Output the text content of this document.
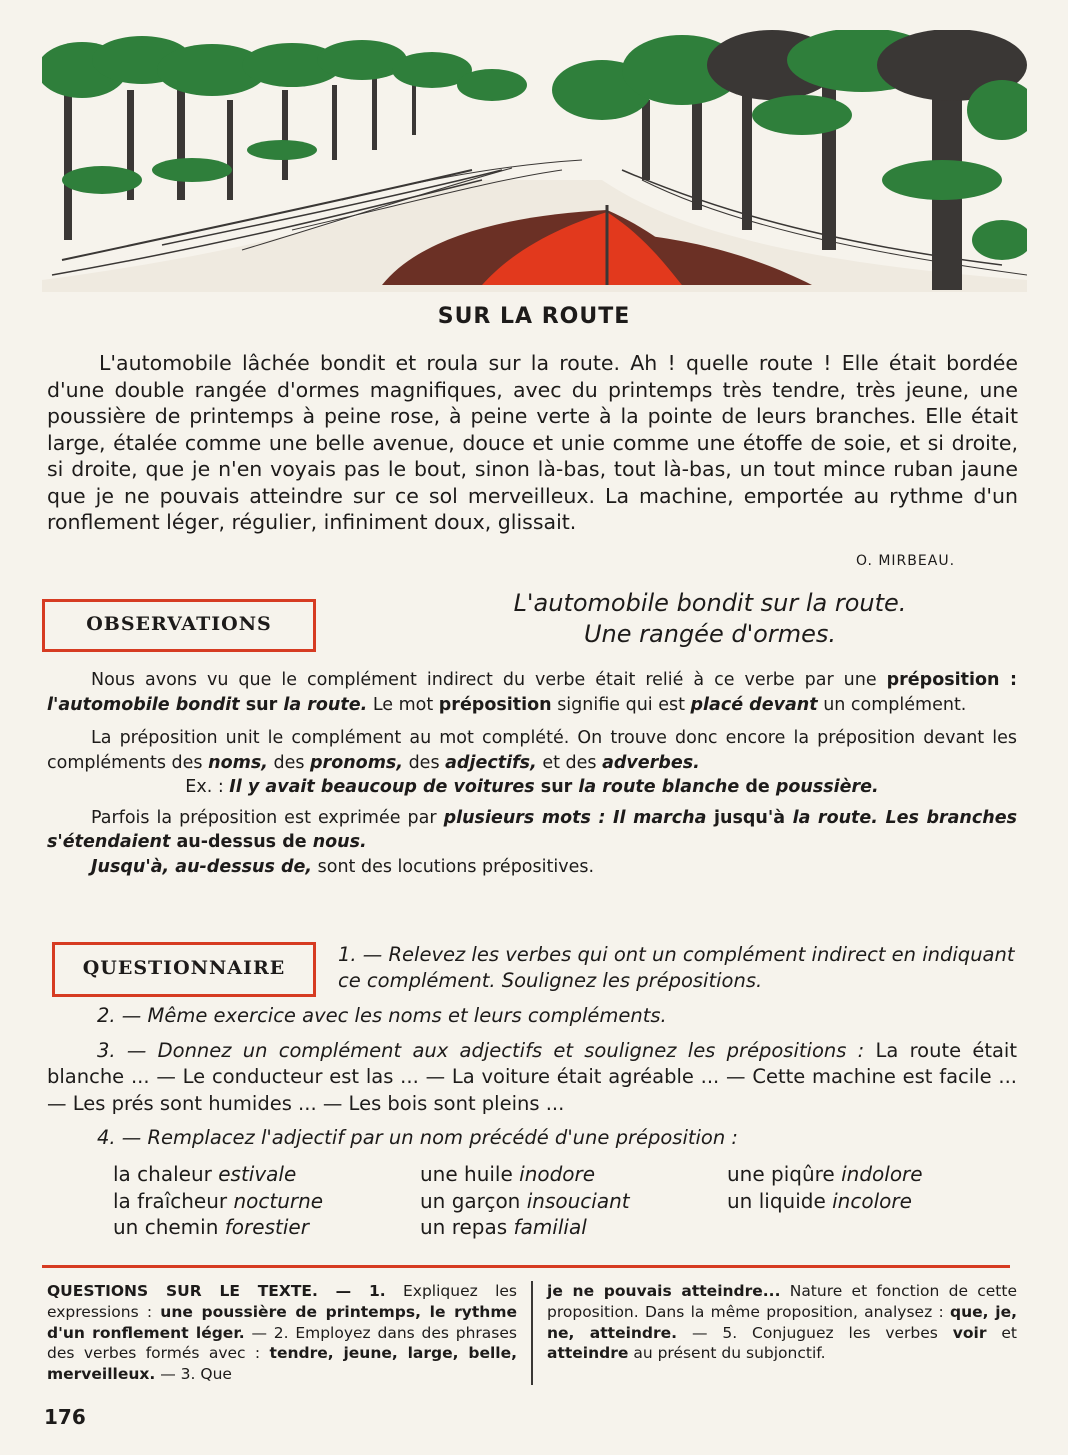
SUR LA ROUTE

L'automobile lâchée bondit et roula sur la route. Ah ! quelle route ! Elle était bordée d'une double rangée d'ormes magnifiques, avec du printemps très tendre, très jeune, une poussière de printemps à peine rose, à peine verte à la pointe de leurs branches. Elle était large, étalée comme une belle avenue, douce et unie comme une étoffe de soie, et si droite, si droite, que je n'en voyais pas le bout, sinon là-bas, tout là-bas, un tout mince ruban jaune que je ne pouvais atteindre sur ce sol merveilleux. La machine, emportée au rythme d'un ronflement léger, régulier, infiniment doux, glissait.

O. MIRBEAU.
OBSERVATIONS
L'automobile bondit sur la route.
Une rangée d'ormes.

Nous avons vu que le complément indirect du verbe était relié à ce verbe par une préposition : l'automobile bondit sur la route. Le mot préposition signifie qui est placé devant un complément.

La préposition unit le complément au mot complété. On trouve donc encore la préposition devant les compléments des noms, des pronoms, des adjectifs, et des adverbes.

Ex. : Il y avait beaucoup de voitures sur la route blanche de poussière.

Parfois la préposition est exprimée par plusieurs mots : Il marcha jusqu'à la route. Les branches s'étendaient au-dessus de nous.

Jusqu'à, au-dessus de, sont des locutions prépositives.

QUESTIONNAIRE
1. — Relevez les verbes qui ont un complément indirect en indiquant ce complément. Soulignez les prépositions.

2. — Même exercice avec les noms et leurs compléments.

3. — Donnez un complément aux adjectifs et soulignez les prépositions : La route était blanche ... — Le conducteur est las ... — La voiture était agréable ... — Cette machine est facile ... — Les prés sont humides ... — Les bois sont pleins ...

4. — Remplacez l'adjectif par un nom précédé d'une préposition :

la chaleur estivale	une huile inodore	une piqûre indolore
la fraîcheur nocturne	un garçon insouciant	un liquide incolore
un chemin forestier	un repas familial
QUESTIONS SUR LE TEXTE. — 1. Expliquez les expressions : une poussière de printemps, le rythme d'un ronflement léger. — 2. Employez dans des phrases des verbes formés avec : tendre, jeune, large, belle, merveilleux. — 3. Que
je ne pouvais atteindre... Nature et fonction de cette proposition. Dans la même proposition, analysez : que, je, ne, atteindre. — 5. Conjuguez les verbes voir et atteindre au présent du subjonctif.
176
